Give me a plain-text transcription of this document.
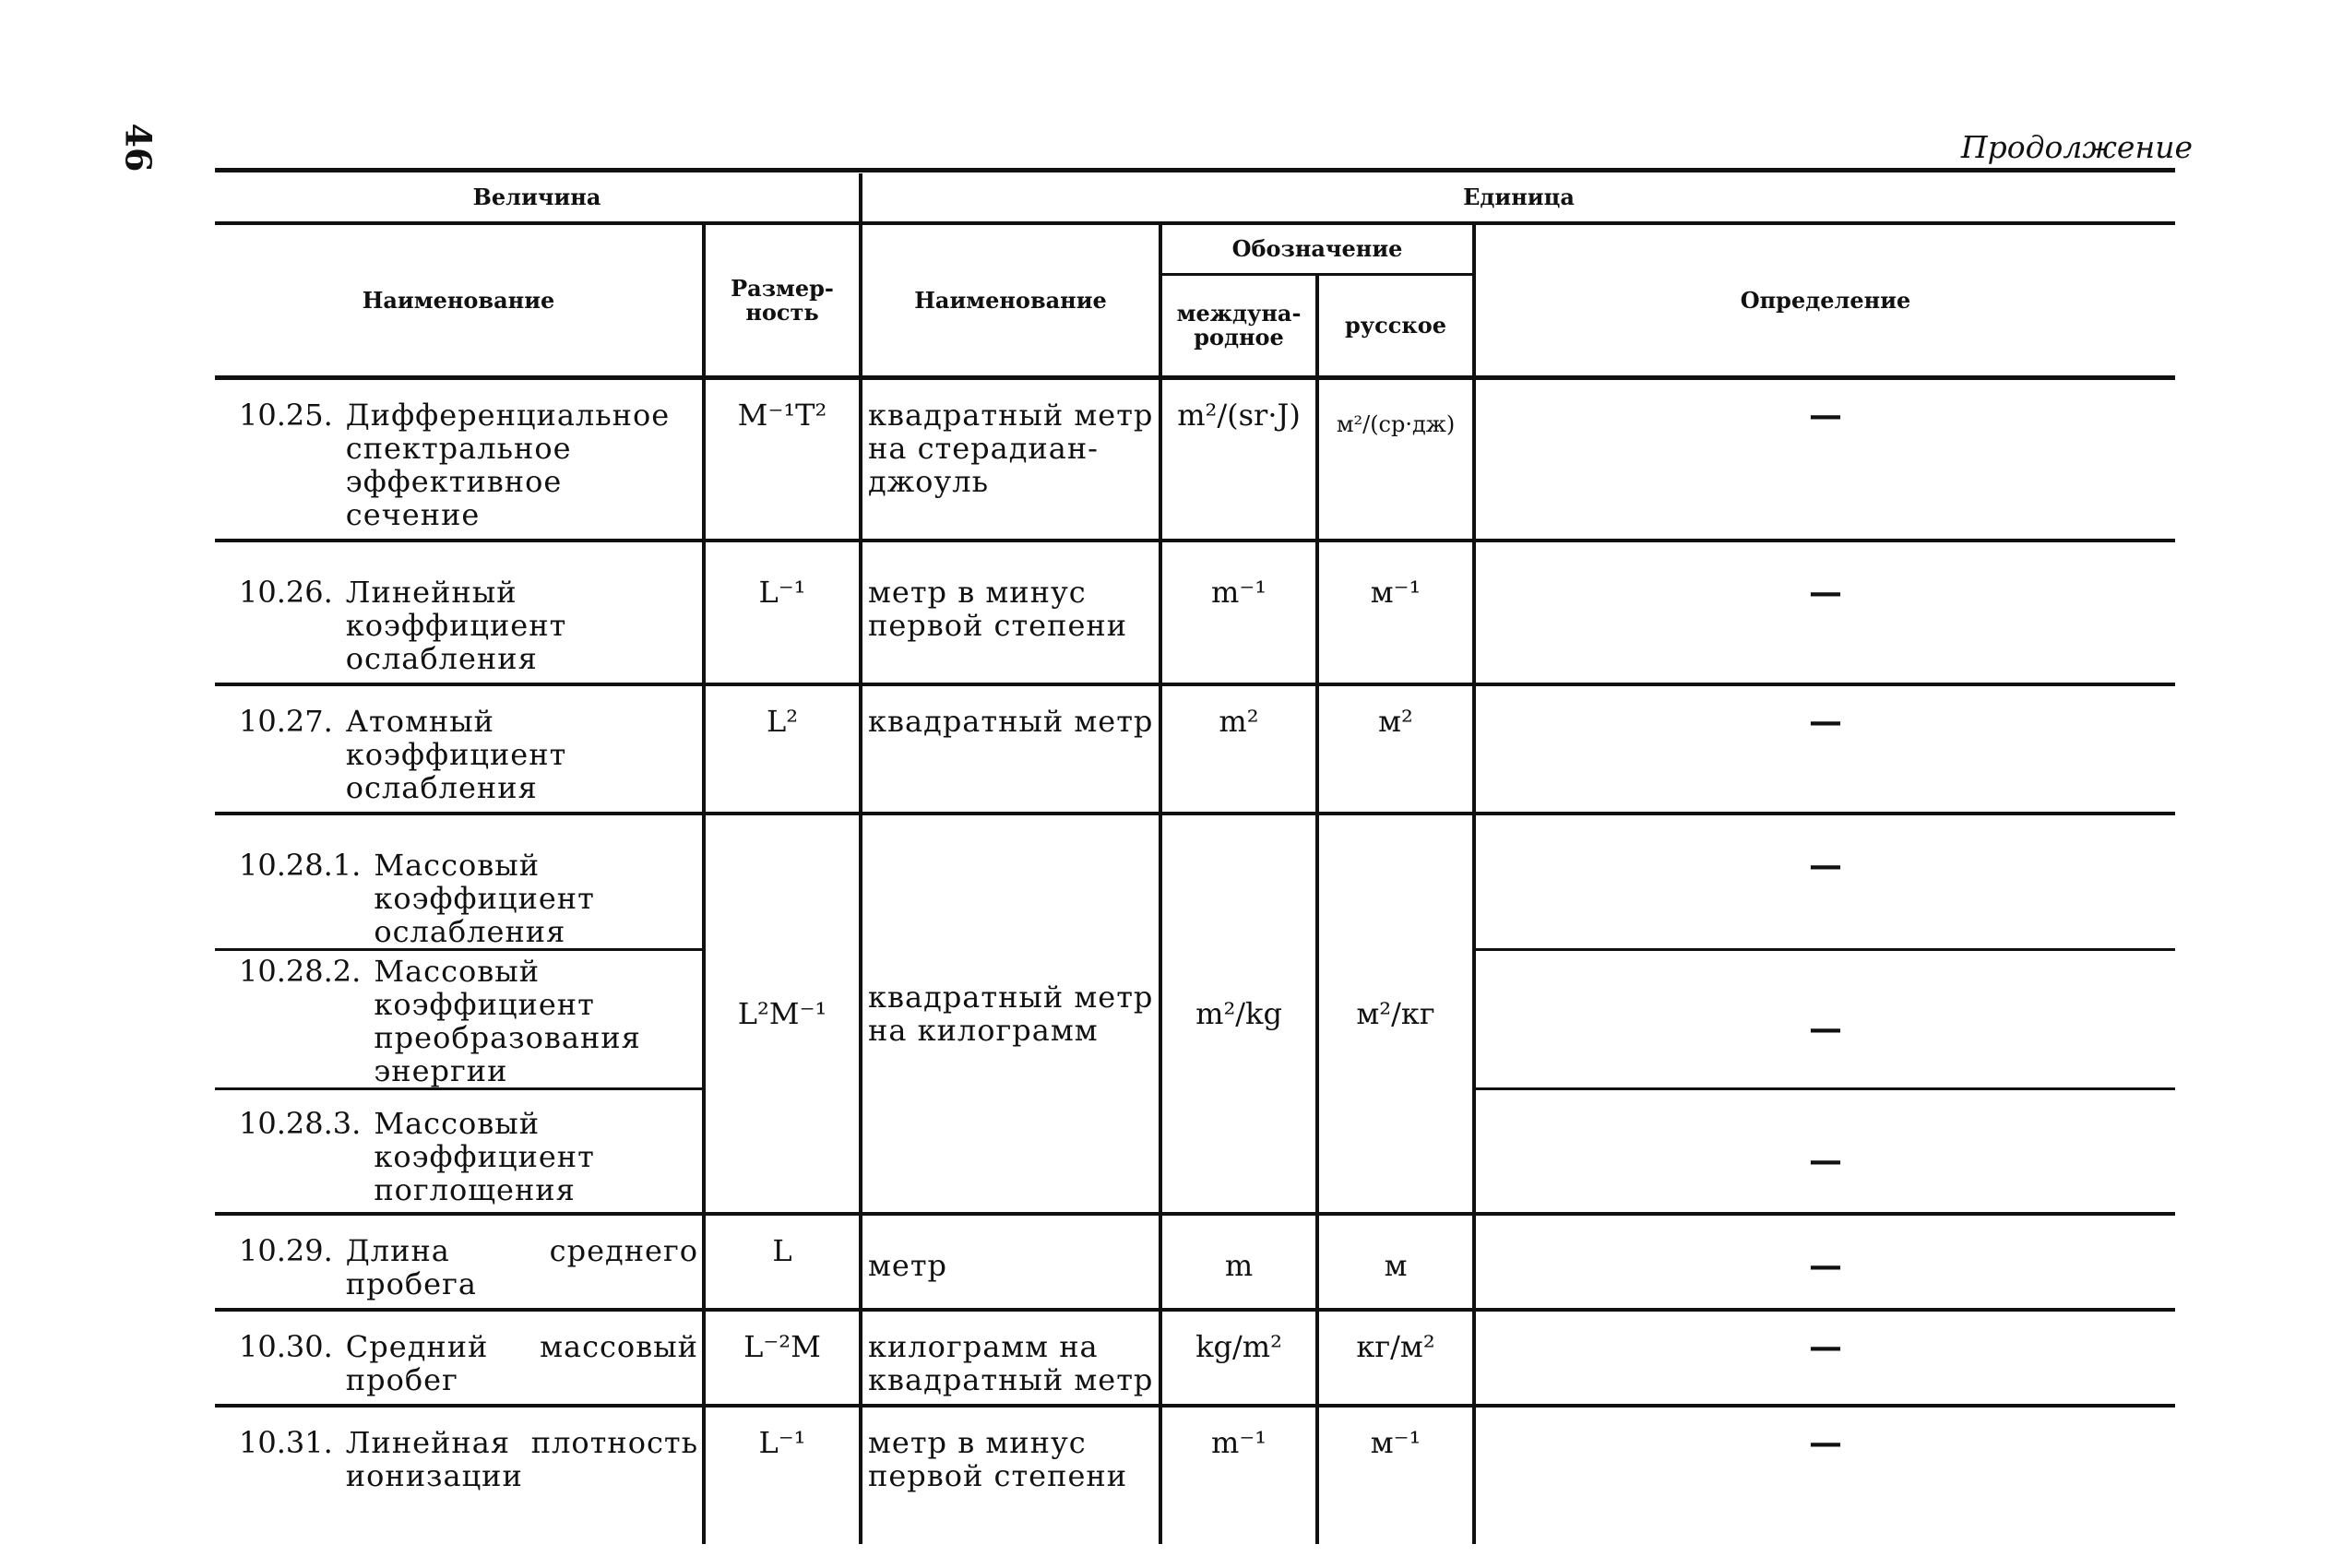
46	Продолжение
Величина		Единица			
Наименование	Размер-ность	Наименование	Обозначение		Определение
			междуна-родное	русское	

10.25. Дифференциальное спектральное эффективное сечение	M⁻¹T²	квадратный метр на стерадиан-джоуль	m²/(sr·J)	м²/(ср·дж)	—

10.26. Линейный коэффициент ослабления	L⁻¹	метр в минус первой степени	m⁻¹	м⁻¹	—

10.27. Атомный коэффициент ослабления	L²	квадратный метр	m²	м²	—

10.28.1. Массовый коэффициент ослабления	L²M⁻¹	квадратный метр на килограмм	m²/kg	м²/кг	—

10.28.2. Массовый коэффициент преобразования энергии					—

10.28.3. Массовый коэффициент поглощения					—

10.29. Длина среднего пробега	L	метр	m	м	—

10.30. Средний массовый пробег	L⁻²M	килограмм на квадратный метр	kg/m²	кг/м²	—

10.31. Линейная плотность ионизации	L⁻¹	метр в минус первой степени	m⁻¹	м⁻¹	—
